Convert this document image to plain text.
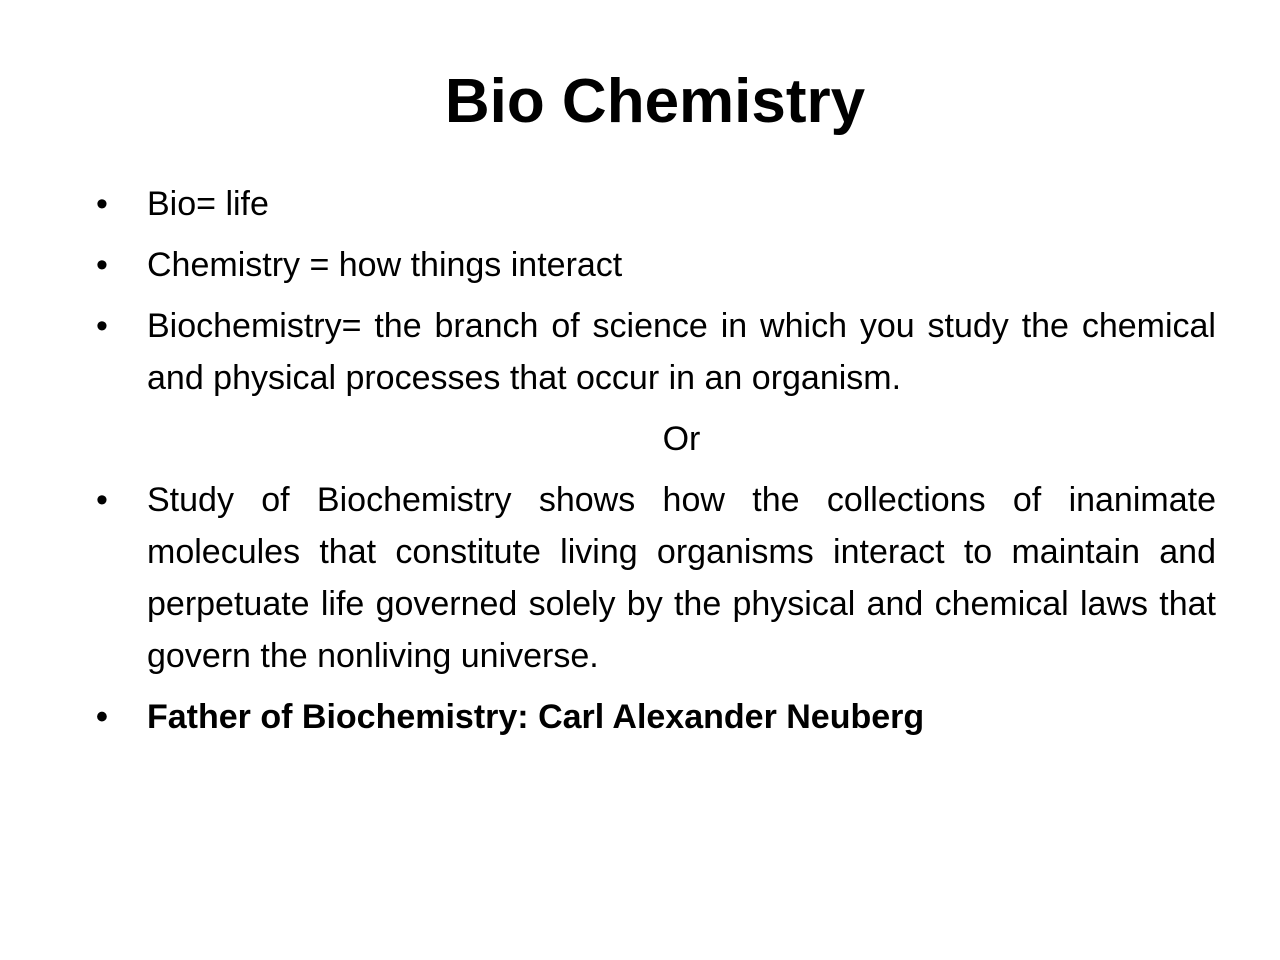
Bio Chemistry
•	Bio= life
•	Chemistry = how things interact
•	Biochemistry= the branch of science in which you study the chemical and physical processes that occur in an organism.
Or
•	Study of Biochemistry shows how the collections of inanimate molecules that constitute living organisms interact to maintain and perpetuate life governed solely by the physical and chemical laws that govern the nonliving universe.
•	Father of Biochemistry: Carl Alexander Neuberg
